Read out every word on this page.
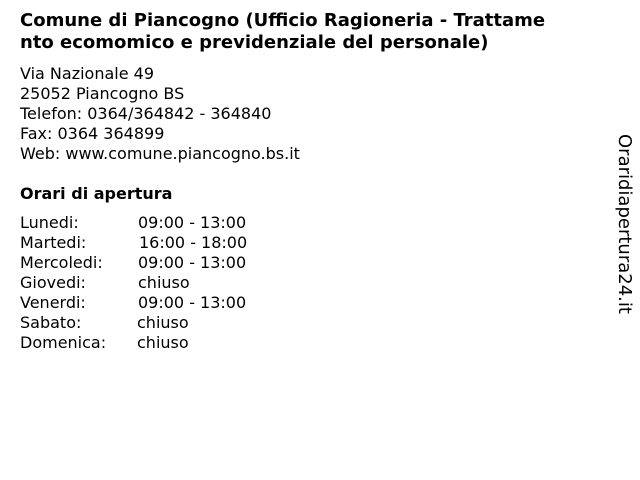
Comune di Piancogno (Ufficio Ragioneria - Trattame
nto ecomomico e previdenziale del personale)
Via Nazionale 49
25052 Piancogno BS
Telefon: 0364/364842 - 364840
Fax: 0364 364899
Web: www.comune.piancogno.bs.it
Orari di apertura
Lunedi:	09:00 - 13:00
Martedi:	16:00 - 18:00
Mercoledi: 09:00 - 13:00
Giovedi:	chiuso
Venerdi:	09:00 - 13:00
Sabato:	chiuso
Domenica: chiuso
Oraridiapertura24.it
